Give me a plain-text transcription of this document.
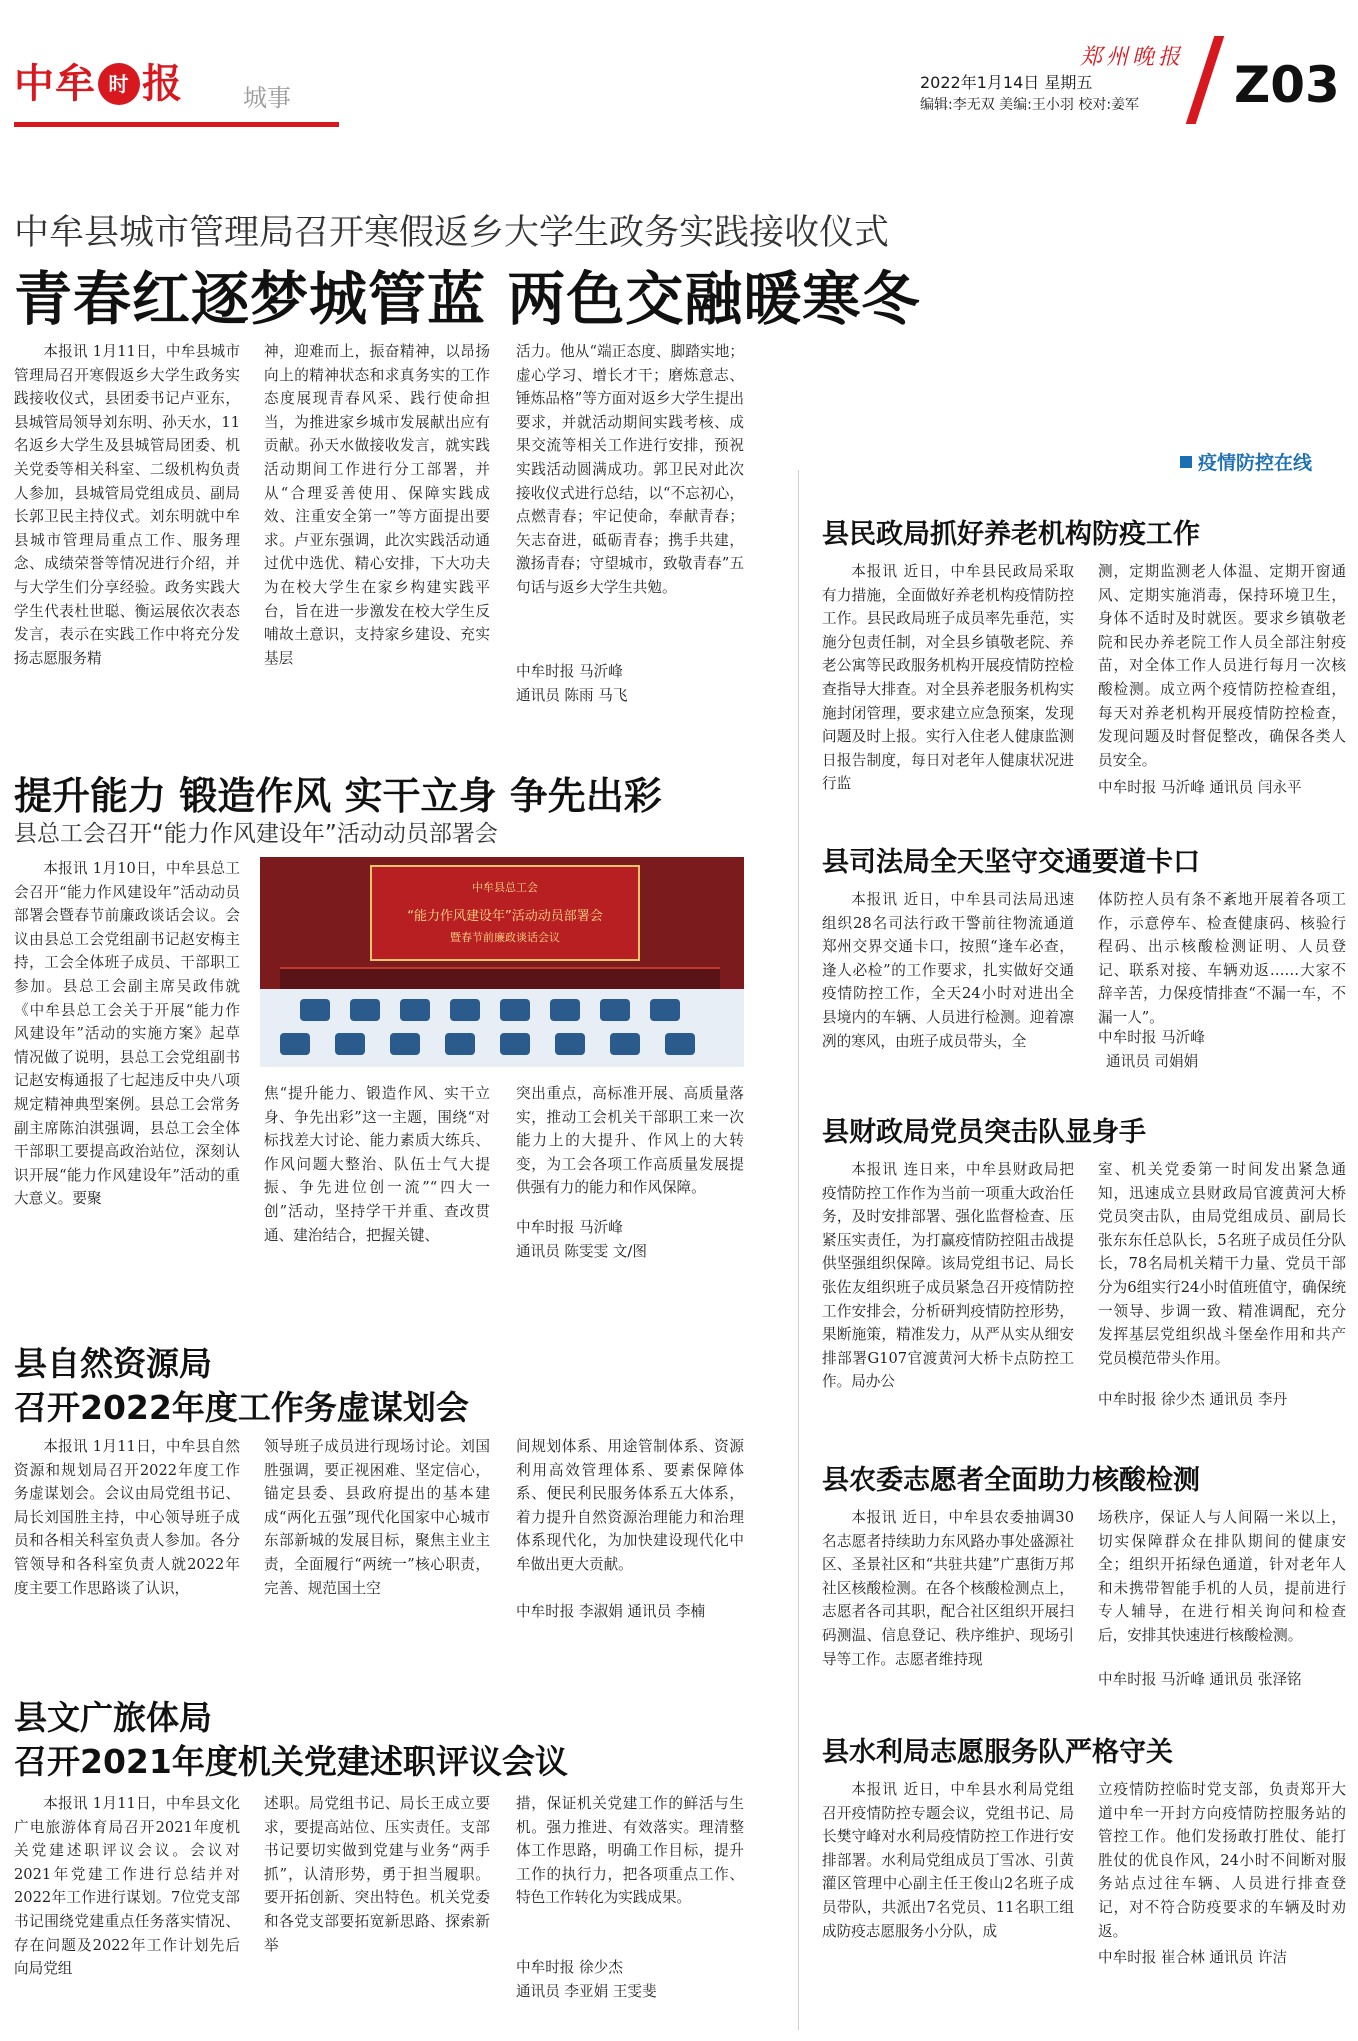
中牟 时 报	城事
郑州晚报
2022年1月14日 星期五
编辑:李无双 美编:王小羽 校对:姜军 Z03
中牟县城市管理局召开寒假返乡大学生政务实践接收仪式
青春红逐梦城管蓝 两色交融暖寒冬
本报讯 1月11日，中牟县城市管理局召开寒假返乡大学生政务实践接收仪式，县团委书记卢亚东，县城管局领导刘东明、孙天水，11名返乡大学生及县城管局团委、机关党委等相关科室、二级机构负责人参加，县城管局党组成员、副局长郭卫民主持仪式。刘东明就中牟县城市管理局重点工作、服务理念、成绩荣誉等情况进行介绍，并与大学生们分享经验。政务实践大学生代表杜世聪、衡运展依次表态发言，表示在实践工作中将充分发扬志愿服务精
神，迎难而上，振奋精神，以昂扬向上的精神状态和求真务实的工作态度展现青春风采、践行使命担当，为推进家乡城市发展献出应有贡献。孙天水做接收发言，就实践活动期间工作进行分工部署，并从“合理妥善使用、保障实践成效、注重安全第一”等方面提出要求。卢亚东强调，此次实践活动通过优中选优、精心安排，下大功夫为在校大学生在家乡构建实践平台，旨在进一步激发在校大学生反哺故土意识，支持家乡建设、充实基层
活力。他从“端正态度、脚踏实地；虚心学习、增长才干；磨炼意志、锤炼品格”等方面对返乡大学生提出要求，并就活动期间实践考核、成果交流等相关工作进行安排，预祝实践活动圆满成功。郭卫民对此次接收仪式进行总结，以“不忘初心，点燃青春；牢记使命，奉献青春；矢志奋进，砥砺青春；携手共建，激扬青春；守望城市，致敬青春”五句话与返乡大学生共勉。
中牟时报 马沂峰
通讯员 陈雨 马飞
提升能力 锻造作风 实干立身 争先出彩
县总工会召开“能力作风建设年”活动动员部署会
本报讯 1月10日，中牟县总工会召开“能力作风建设年”活动动员部署会暨春节前廉政谈话会议。会议由县总工会党组副书记赵安梅主持，工会全体班子成员、干部职工参加。县总工会副主席吴政伟就《中牟县总工会关于开展“能力作风建设年”活动的实施方案》起草情况做了说明，县总工会党组副书记赵安梅通报了七起违反中央八项规定精神典型案例。县总工会常务副主席陈泊淇强调，县总工会全体干部职工要提高政治站位，深刻认识开展“能力作风建设年”活动的重大意义。要聚
中牟县总工会
“能力作风建设年”活动动员部署会
暨春节前廉政谈话会议
焦“提升能力、锻造作风、实干立身、争先出彩”这一主题，围绕“对标找差大讨论、能力素质大练兵、作风问题大整治、队伍士气大提振、争先进位创一流”“四大一创”活动，坚持学干并重、查改贯通、建治结合，把握关键、
突出重点，高标准开展、高质量落实，推动工会机关干部职工来一次能力上的大提升、作风上的大转变，为工会各项工作高质量发展提供强有力的能力和作风保障。
中牟时报 马沂峰
通讯员 陈雯雯 文/图
县自然资源局
召开2022年度工作务虚谋划会
本报讯 1月11日，中牟县自然资源和规划局召开2022年度工作务虚谋划会。会议由局党组书记、局长刘国胜主持，中心领导班子成员和各相关科室负责人参加。各分管领导和各科室负责人就2022年度主要工作思路谈了认识，
领导班子成员进行现场讨论。刘国胜强调，要正视困难、坚定信心，锚定县委、县政府提出的基本建成“两化五强”现代化国家中心城市东部新城的发展目标，聚焦主业主责，全面履行“两统一”核心职责，完善、规范国土空
间规划体系、用途管制体系、资源利用高效管理体系、要素保障体系、便民利民服务体系五大体系，着力提升自然资源治理能力和治理体系现代化，为加快建设现代化中牟做出更大贡献。
中牟时报 李淑娟 通讯员 李楠
县文广旅体局
召开2021年度机关党建述职评议会议
本报讯 1月11日，中牟县文化广电旅游体育局召开2021年度机关党建述职评议会议。会议对2021年党建工作进行总结并对2022年工作进行谋划。7位党支部书记围绕党建重点任务落实情况、存在问题及2022年工作计划先后向局党组
述职。局党组书记、局长王成立要求，要提高站位、压实责任。支部书记要切实做到党建与业务“两手抓”，认清形势，勇于担当履职。要开拓创新、突出特色。机关党委和各党支部要拓宽新思路、探索新举
措，保证机关党建工作的鲜活与生机。强力推进、有效落实。理清整体工作思路，明确工作目标，提升工作的执行力，把各项重点工作、特色工作转化为实践成果。
中牟时报 徐少杰
通讯员 李亚娟 王雯斐
疫情防控在线
县民政局抓好养老机构防疫工作
本报讯 近日，中牟县民政局采取有力措施，全面做好养老机构疫情防控工作。县民政局班子成员率先垂范，实施分包责任制，对全县乡镇敬老院、养老公寓等民政服务机构开展疫情防控检查指导大排查。对全县养老服务机构实施封闭管理，要求建立应急预案，发现问题及时上报。实行入住老人健康监测日报告制度，每日对老年人健康状况进行监
测，定期监测老人体温、定期开窗通风、定期实施消毒，保持环境卫生，身体不适时及时就医。要求乡镇敬老院和民办养老院工作人员全部注射疫苗，对全体工作人员进行每月一次核酸检测。成立两个疫情防控检查组，每天对养老机构开展疫情防控检查，发现问题及时督促整改，确保各类人员安全。
中牟时报 马沂峰 通讯员 闫永平
县司法局全天坚守交通要道卡口
本报讯 近日，中牟县司法局迅速组织28名司法行政干警前往物流通道郑州交界交通卡口，按照“逢车必查，逢人必检”的工作要求，扎实做好交通疫情防控工作，全天24小时对进出全县境内的车辆、人员进行检测。迎着凛冽的寒风，由班子成员带头，全
体防控人员有条不紊地开展着各项工作，示意停车、检查健康码、核验行程码、出示核酸检测证明、人员登记、联系对接、车辆劝返……大家不辞辛苦，力保疫情排查“不漏一车，不漏一人”。
中牟时报 马沂峰
通讯员 司娟娟
县财政局党员突击队显身手
本报讯 连日来，中牟县财政局把疫情防控工作作为当前一项重大政治任务，及时安排部署、强化监督检查、压紧压实责任，为打赢疫情防控阻击战提供坚强组织保障。该局党组书记、局长张佐友组织班子成员紧急召开疫情防控工作安排会，分析研判疫情防控形势，果断施策，精准发力，从严从实从细安排部署G107官渡黄河大桥卡点防控工作。局办公
室、机关党委第一时间发出紧急通知，迅速成立县财政局官渡黄河大桥党员突击队，由局党组成员、副局长张东东任总队长，5名班子成员任分队长，78名局机关精干力量、党员干部分为6组实行24小时值班值守，确保统一领导、步调一致、精准调配，充分发挥基层党组织战斗堡垒作用和共产党员模范带头作用。
中牟时报 徐少杰 通讯员 李丹
县农委志愿者全面助力核酸检测
本报讯 近日，中牟县农委抽调30名志愿者持续助力东风路办事处盛源社区、圣景社区和“共驻共建”广惠街万邦社区核酸检测。在各个核酸检测点上，志愿者各司其职，配合社区组织开展扫码测温、信息登记、秩序维护、现场引导等工作。志愿者维持现
场秩序，保证人与人间隔一米以上，切实保障群众在排队期间的健康安全；组织开拓绿色通道，针对老年人和未携带智能手机的人员，提前进行专人辅导，在进行相关询问和检查后，安排其快速进行核酸检测。
中牟时报 马沂峰 通讯员 张泽铭
县水利局志愿服务队严格守关
本报讯 近日，中牟县水利局党组召开疫情防控专题会议，党组书记、局长樊守峰对水利局疫情防控工作进行安排部署。水利局党组成员丁雪冰、引黄灌区管理中心副主任王俊山2名班子成员带队，共派出7名党员、11名职工组成防疫志愿服务小分队，成
立疫情防控临时党支部，负责郑开大道中牟一开封方向疫情防控服务站的管控工作。他们发扬敢打胜仗、能打胜仗的优良作风，24小时不间断对服务站点过往车辆、人员进行排查登记，对不符合防疫要求的车辆及时劝返。
中牟时报 崔合林 通讯员 许洁
